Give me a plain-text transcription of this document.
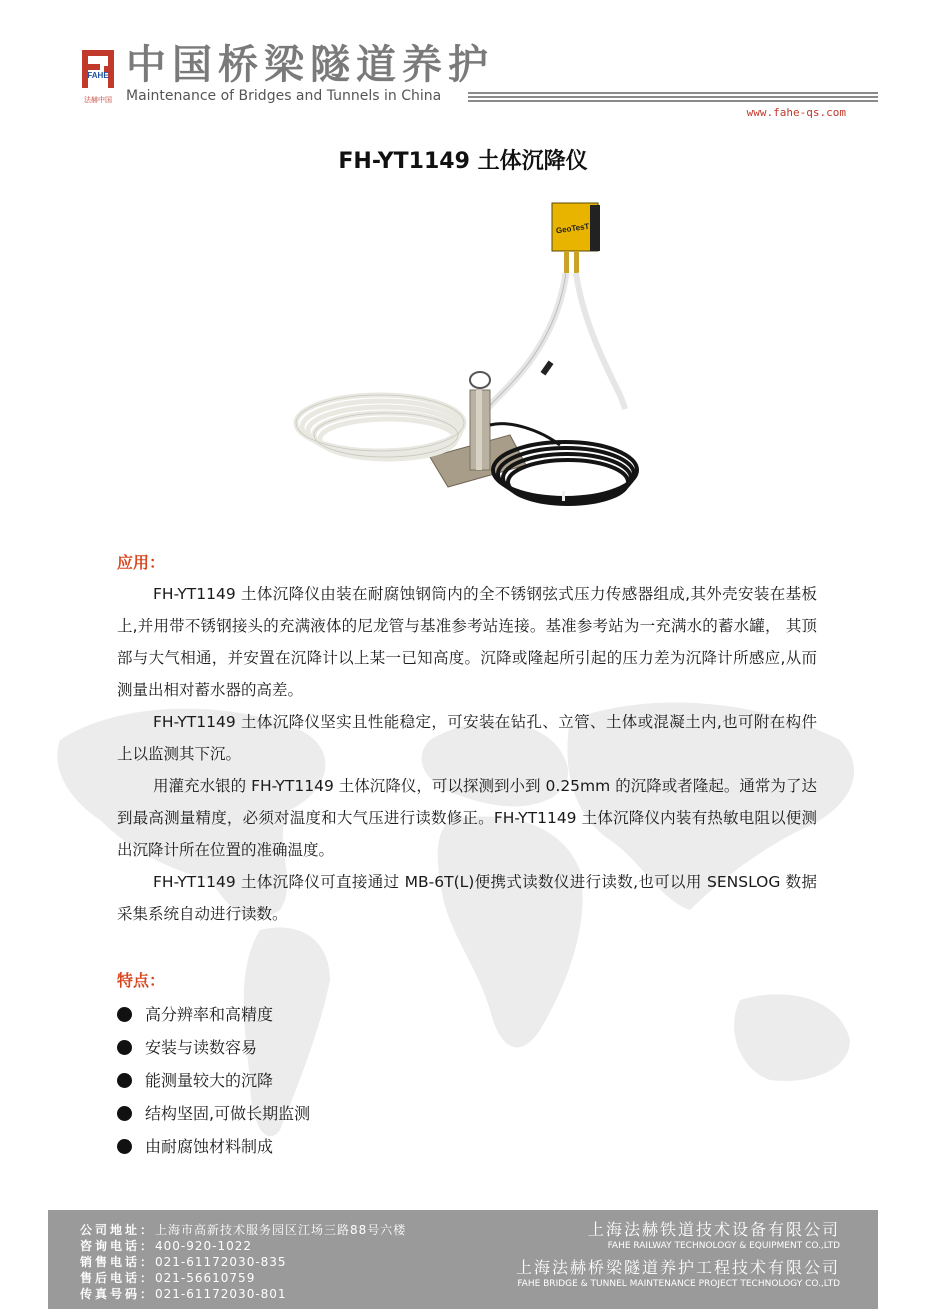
FAHE
法赫中国
中国桥梁隧道养护
Maintenance of Bridges and Tunnels in China
www.fahe-qs.com
FH-YT1149 土体沉降仪
GeoTesT
应用：

FH-YT1149 土体沉降仪由装在耐腐蚀钢筒内的全不锈钢弦式压力传感器组成,其外壳安装在基板上,并用带不锈钢接头的充满液体的尼龙管与基准参考站连接。基准参考站为一充满水的蓄水罐， 其顶部与大气相通，并安置在沉降计以上某一已知高度。沉降或隆起所引起的压力差为沉降计所感应,从而测量出相对蓄水器的高差。

FH-YT1149 土体沉降仪坚实且性能稳定，可安装在钻孔、立管、土体或混凝土内,也可附在构件上以监测其下沉。

用灌充水银的 FH-YT1149 土体沉降仪，可以探测到小到 0.25mm 的沉降或者隆起。通常为了达到最高测量精度，必须对温度和大气压进行读数修正。FH-YT1149 土体沉降仪内装有热敏电阻以便测出沉降计所在位置的准确温度。

FH-YT1149 土体沉降仪可直接通过 MB-6T(L)便携式读数仪进行读数,也可以用 SENSLOG 数据采集系统自动进行读数。

特点：
高分辨率和高精度
安装与读数容易
能测量较大的沉降
结构坚固,可做长期监测
由耐腐蚀材料制成
公司地址：上海市高新技术服务园区江场三路88号六楼
咨询电话：400-920-1022
销售电话：021-61172030-835
售后电话：021-56610759
传真号码：021-61172030-801
上海法赫铁道技术设备有限公司
FAHE RAILWAY TECHNOLOGY & EQUIPMENT CO.,LTD
上海法赫桥梁隧道养护工程技术有限公司
FAHE BRIDGE & TUNNEL MAINTENANCE PROJECT TECHNOLOGY CO.,LTD
